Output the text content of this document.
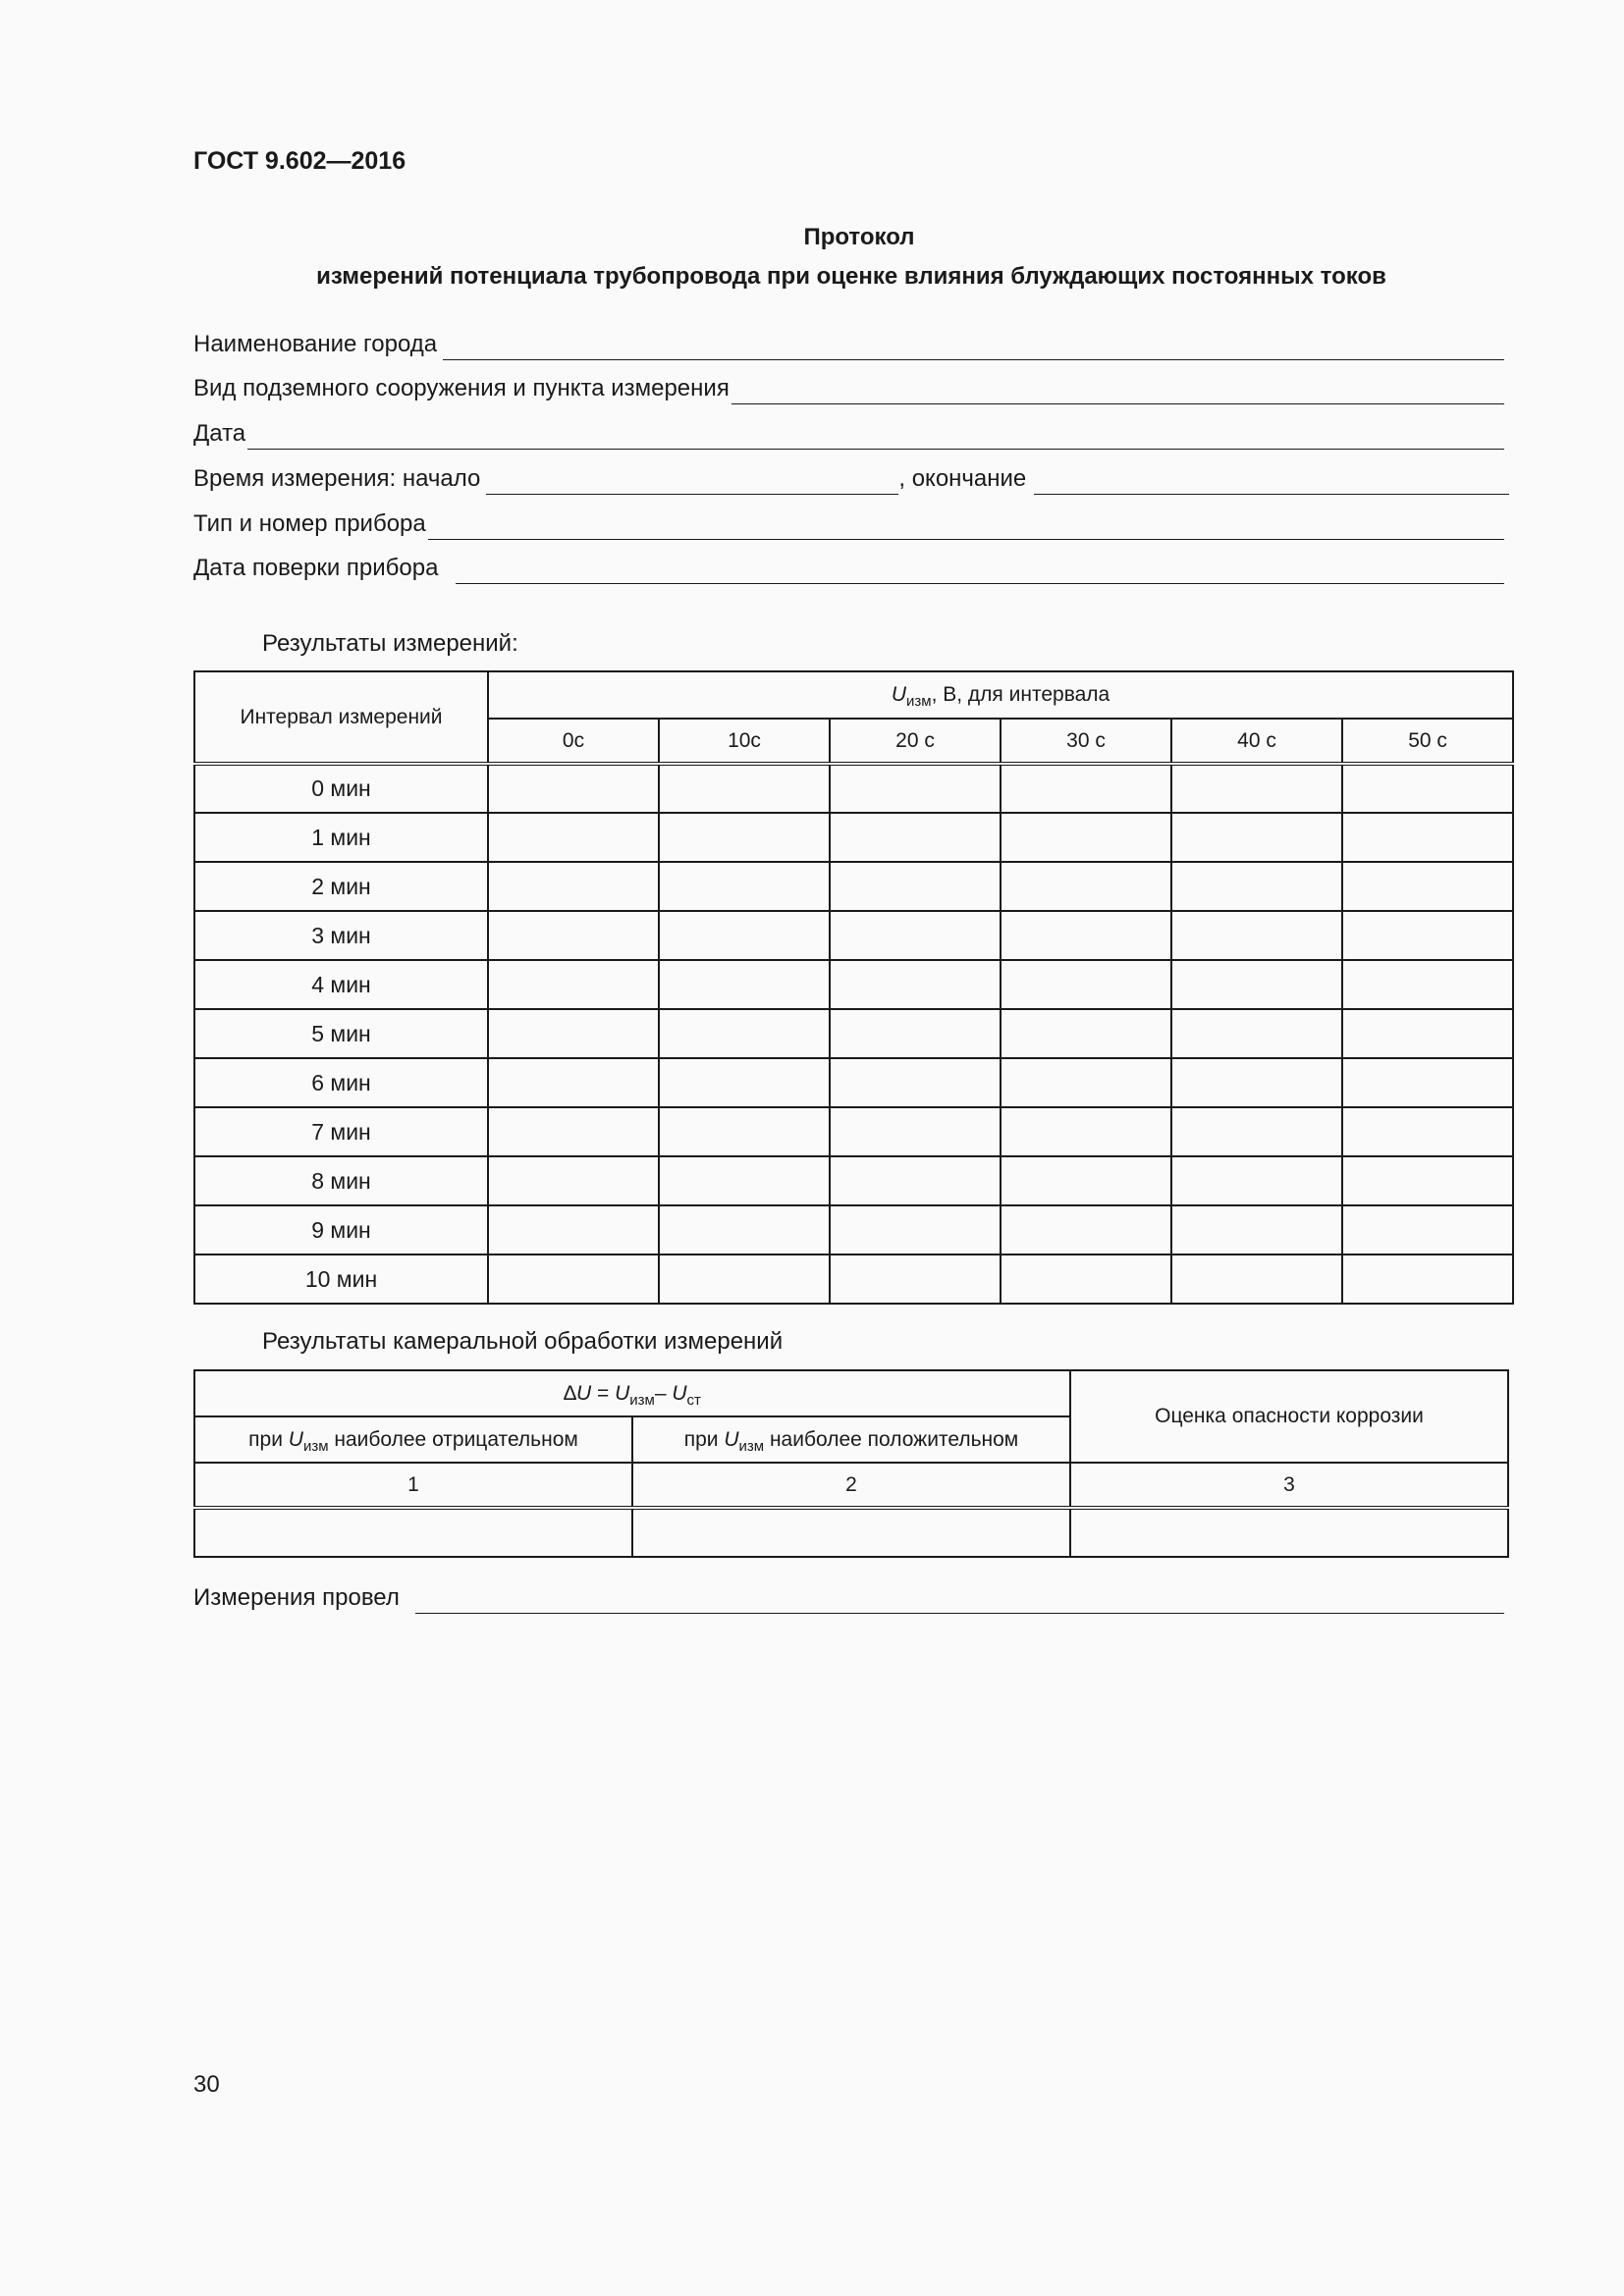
ГОСТ 9.602—2016
Протокол
измерений потенциала трубопровода при оценке влияния блуждающих постоянных токов
Наименование города
Вид подземного сооружения и пункта измерения
Дата
Время измерения: начало	, окончание
Тип и номер прибора
Дата поверки прибора
Результаты измерений:
Интервал измерений	$U_{изм}$, В, для интервала					
	0с	10с	20 с	30 с	40 с	50 с
0 мин						
1 мин						
2 мин						
3 мин						
4 мин						
5 мин						
6 мин						
7 мин						
8 мин						
9 мин						
10 мин						
Результаты камеральной обработки измерений
$\Delta U = U_{изм}-$ $U_{ст}$		Оценка опасности коррозии
при $U_{изм}$ наиболее отрицательном	при $U_{изм}$ наиболее положительном	
1	2	3

Измерения провел
30
